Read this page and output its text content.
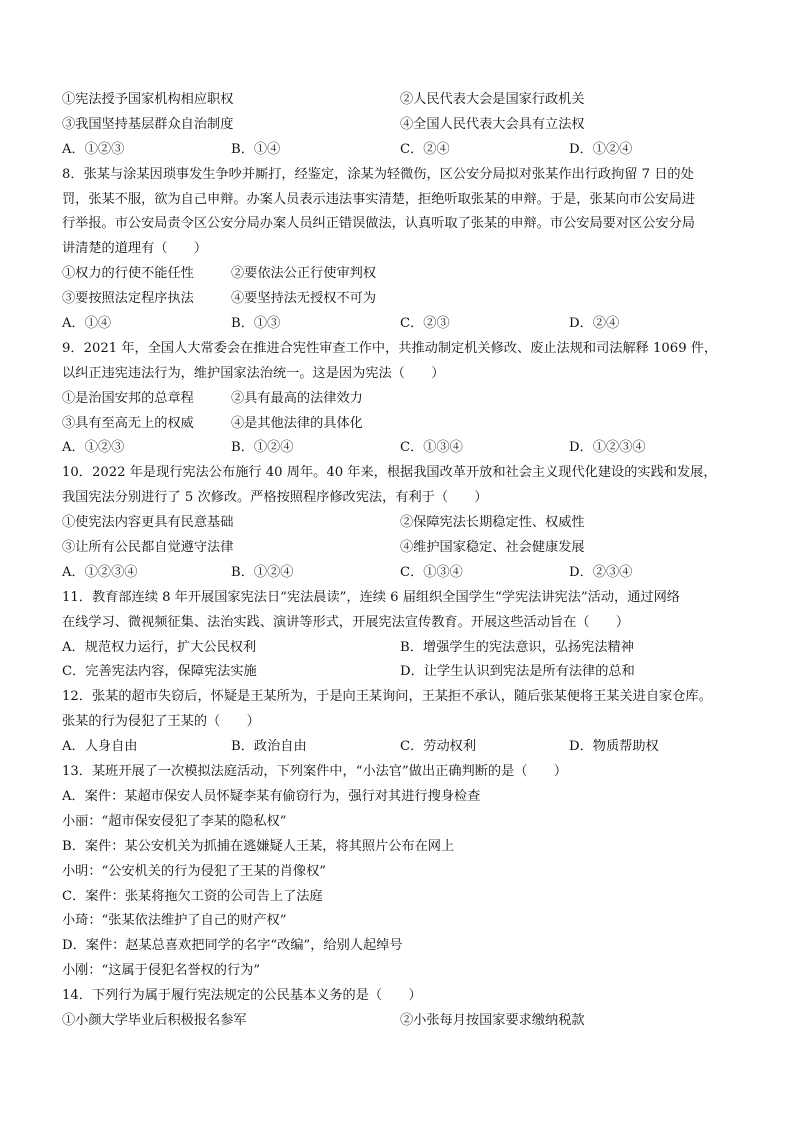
①宪法授予国家机构相应职权	②人民代表大会是国家行政机关
③我国坚持基层群众自治制度	④全国人民代表大会具有立法权
A．①②③	B．①④	C．②④	D．①②④
8．张某与涂某因琐事发生争吵并厮打，经鉴定，涂某为轻微伤，区公安分局拟对张某作出行政拘留 7 日的处
罚，张某不服，欲为自己申辩。办案人员表示违法事实清楚，拒绝听取张某的申辩。于是，张某向市公安局进
行举报。市公安局责令区公安分局办案人员纠正错误做法，认真听取了张某的申辩。市公安局要对区公安分局
讲清楚的道理有（　　）
①权力的行使不能任性	②要依法公正行使审判权
③要按照法定程序执法	④要坚持法无授权不可为
A．①④	B．①③	C．②③	D．②④
9．2021 年，全国人大常委会在推进合宪性审查工作中，共推动制定机关修改、废止法规和司法解释 1069 件，
以纠正违宪违法行为，维护国家法治统一。这是因为宪法（　　）
①是治国安邦的总章程	②具有最高的法律效力
③具有至高无上的权威	④是其他法律的具体化
A．①②③	B．①②④	C．①③④	D．①②③④
10．2022 年是现行宪法公布施行 40 周年。40 年来，根据我国改革开放和社会主义现代化建设的实践和发展，
我国宪法分别进行了 5 次修改。严格按照程序修改宪法，有利于（　　）
①使宪法内容更具有民意基础	②保障宪法长期稳定性、权威性
③让所有公民都自觉遵守法律	④维护国家稳定、社会健康发展
A．①②③④	B．①②④	C．①③④	D．②③④
11．教育部连续 8 年开展国家宪法日“宪法晨读”，连续 6 届组织全国学生“学宪法讲宪法”活动，通过网络
在线学习、微视频征集、法治实践、演讲等形式，开展宪法宣传教育。开展这些活动旨在（　　）
A．规范权力运行，扩大公民权利	B．增强学生的宪法意识，弘扬宪法精神
C．完善宪法内容，保障宪法实施	D．让学生认识到宪法是所有法律的总和
12．张某的超市失窃后，怀疑是王某所为，于是向王某询问，王某拒不承认，随后张某便将王某关进自家仓库。
张某的行为侵犯了王某的（　　）
A．人身自由	B．政治自由	C．劳动权利	D．物质帮助权
13．某班开展了一次模拟法庭活动，下列案件中，“小法官”做出正确判断的是（　　）
A．案件：某超市保安人员怀疑李某有偷窃行为，强行对其进行搜身检查
小丽：“超市保安侵犯了李某的隐私权”
B．案件：某公安机关为抓捕在逃嫌疑人王某，将其照片公布在网上
小明：“公安机关的行为侵犯了王某的肖像权”
C．案件：张某将拖欠工资的公司告上了法庭
小琦：“张某依法维护了自己的财产权”
D．案件：赵某总喜欢把同学的名字“改编”，给别人起绰号
小刚：“这属于侵犯名誉权的行为”
14．下列行为属于履行宪法规定的公民基本义务的是（　　）
①小颜大学毕业后积极报名参军	②小张每月按国家要求缴纳税款
